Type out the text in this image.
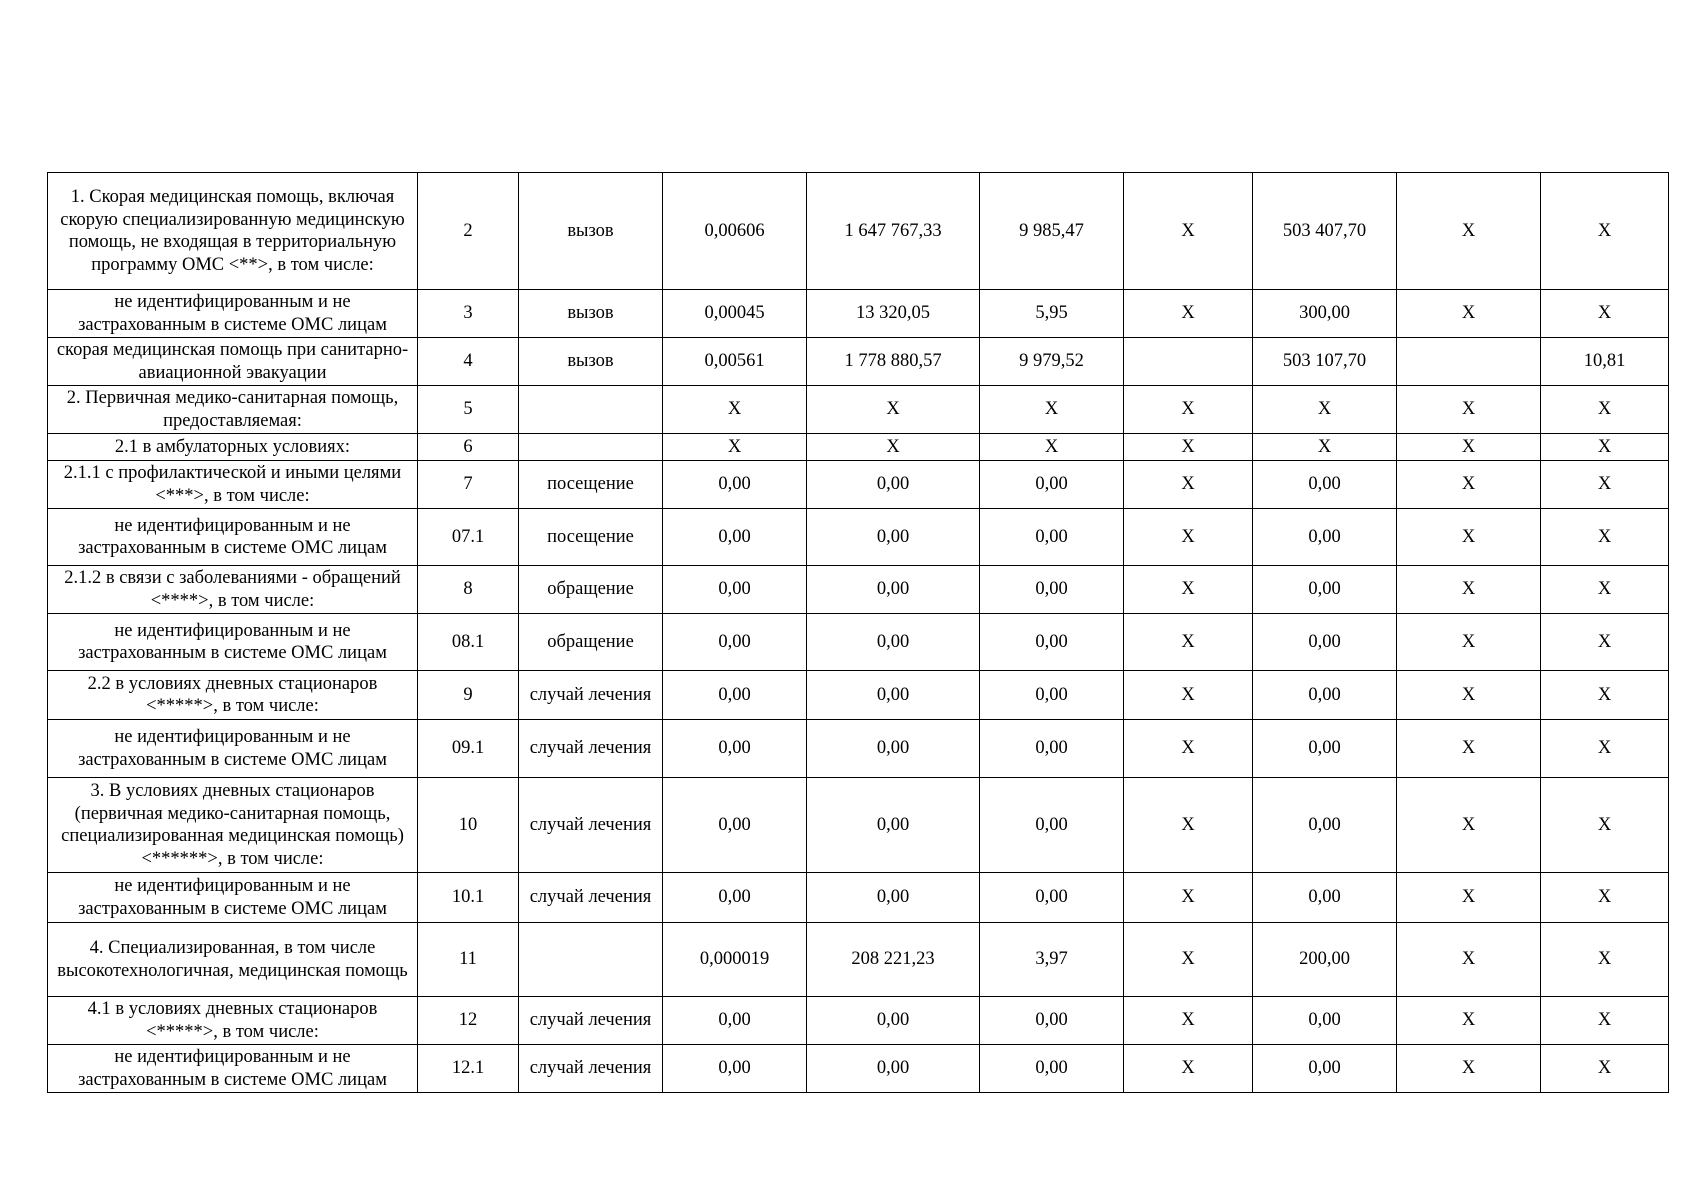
1. Скорая медицинская помощь, включая скорую специализированную медицинскую помощь, не входящая в территориальную программу ОМС <**>, в том числе:	2	вызов	0,00606	1 647 767,33	9 985,47	X	503 407,70	X	X
не идентифицированным и не застрахованным в системе ОМС лицам	3	вызов	0,00045	13 320,05	5,95	X	300,00	X	X
скорая медицинская помощь при санитарно-авиационной эвакуации	4	вызов	0,00561	1 778 880,57	9 979,52		503 107,70		10,81
2. Первичная медико-санитарная помощь, предоставляемая:	5		X	X	X	X	X	X	X
2.1 в амбулаторных условиях:	6		X	X	X	X	X	X	X
2.1.1 с профилактической и иными целями <***>, в том числе:	7	посещение	0,00	0,00	0,00	X	0,00	X	X
не идентифицированным и не застрахованным в системе ОМС лицам	07.1	посещение	0,00	0,00	0,00	X	0,00	X	X
2.1.2 в связи с заболеваниями - обращений <****>, в том числе:	8	обращение	0,00	0,00	0,00	X	0,00	X	X
не идентифицированным и не застрахованным в системе ОМС лицам	08.1	обращение	0,00	0,00	0,00	X	0,00	X	X
2.2 в условиях дневных стационаров <*****>, в том числе:	9	случай лечения	0,00	0,00	0,00	X	0,00	X	X
не идентифицированным и не застрахованным в системе ОМС лицам	09.1	случай лечения	0,00	0,00	0,00	X	0,00	X	X
3. В условиях дневных стационаров (первичная медико-санитарная помощь, специализированная медицинская помощь) <******>, в том числе:	10	случай лечения	0,00	0,00	0,00	X	0,00	X	X
не идентифицированным и не застрахованным в системе ОМС лицам	10.1	случай лечения	0,00	0,00	0,00	X	0,00	X	X
4. Специализированная, в том числе высокотехнологичная, медицинская помощь	11		0,000019	208 221,23	3,97	X	200,00	X	X
4.1 в условиях дневных стационаров <*****>, в том числе:	12	случай лечения	0,00	0,00	0,00	X	0,00	X	X
не идентифицированным и не застрахованным в системе ОМС лицам	12.1	случай лечения	0,00	0,00	0,00	X	0,00	X	X
